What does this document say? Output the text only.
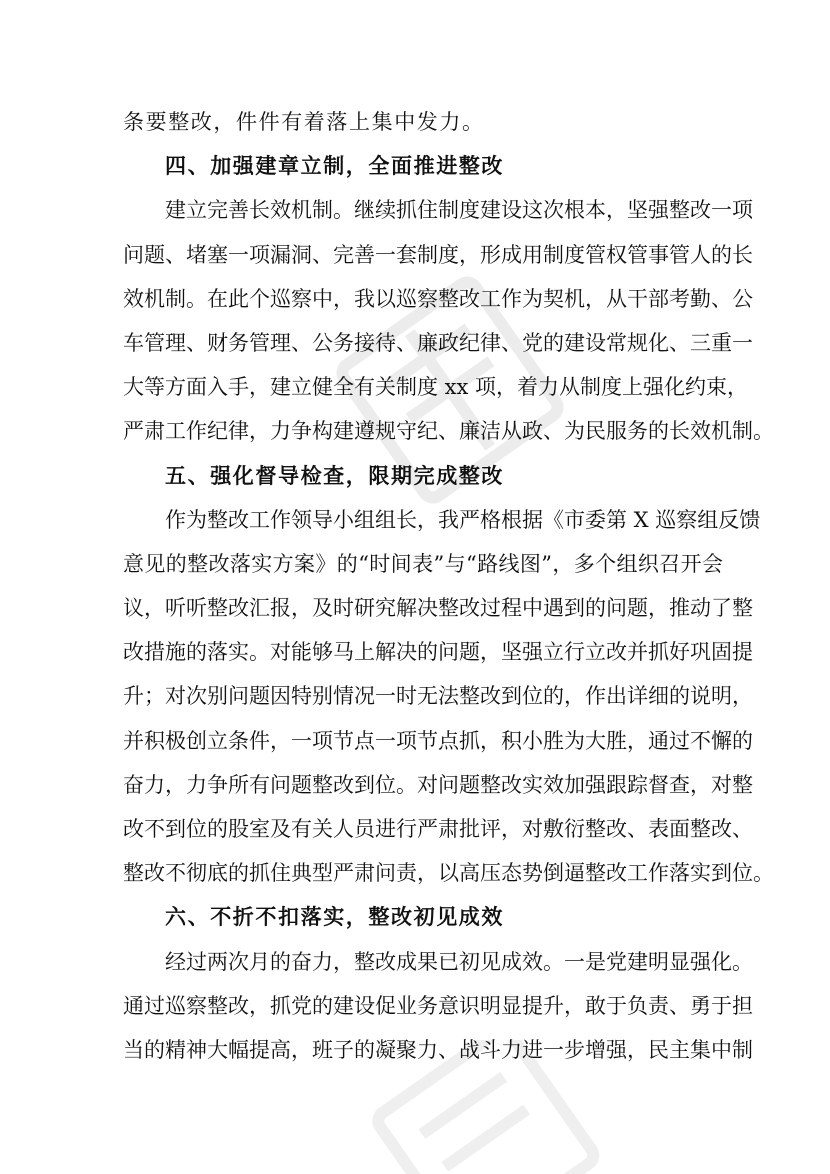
条要整改，件件有着落上集中发力。
四、加强建章立制，全面推进整改
建立完善长效机制。继续抓住制度建设这次根本，坚强整改一项
问题、堵塞一项漏洞、完善一套制度，形成用制度管权管事管人的长
效机制。在此个巡察中，我以巡察整改工作为契机，从干部考勤、公
车管理、财务管理、公务接待、廉政纪律、党的建设常规化、三重一
大等方面入手，建立健全有关制度 xx 项，着力从制度上强化约束，
严肃工作纪律，力争构建遵规守纪、廉洁从政、为民服务的长效机制。
五、强化督导检查，限期完成整改
作为整改工作领导小组组长，我严格根据《市委第 X 巡察组反馈
意见的整改落实方案》的“时间表”与“路线图”，多个组织召开会
议，听听整改汇报，及时研究解决整改过程中遇到的问题，推动了整
改措施的落实。对能够马上解决的问题，坚强立行立改并抓好巩固提
升；对次别问题因特别情况一时无法整改到位的，作出详细的说明，
并积极创立条件，一项节点一项节点抓，积小胜为大胜，通过不懈的
奋力，力争所有问题整改到位。对问题整改实效加强跟踪督查，对整
改不到位的股室及有关人员进行严肃批评，对敷衍整改、表面整改、
整改不彻底的抓住典型严肃问责，以高压态势倒逼整改工作落实到位。
六、不折不扣落实，整改初见成效
经过两次月的奋力，整改成果已初见成效。一是党建明显强化。
通过巡察整改，抓党的建设促业务意识明显提升，敢于负责、勇于担
当的精神大幅提高，班子的凝聚力、战斗力进一步增强，民主集中制
